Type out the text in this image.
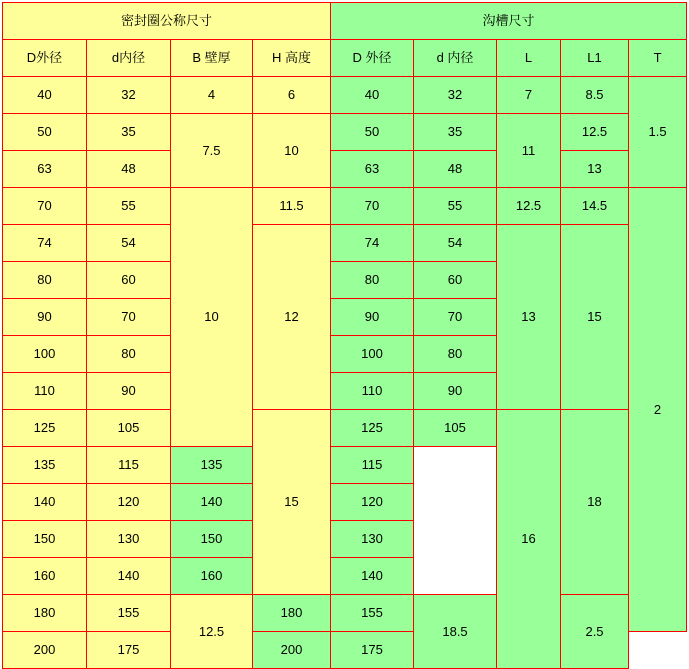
密封圈公称尺寸				沟槽尺寸				
D外径	d内径	B 壁厚	H 高度	D 外径	d 内径	L	L1	T
40	32	4	6	40	32	7	8.5	1.5
50	35	7.5	10	50	35	11	12.5	
63	48			63	48		13	
70	55	10	11.5	70	55	12.5	14.5	2
74	54		12	74	54	13	15	
80	60			80	60			
90	70			90	70			
100	80			100	80			
110	90			110	90			
125	105		15	125	105	16	18	
135	115	135		115				
140	120	140		120				
150	130	150		130				
160	140	160		140				
180	155	12.5	180	155	18.5		2.5	
200	175		200	175				
